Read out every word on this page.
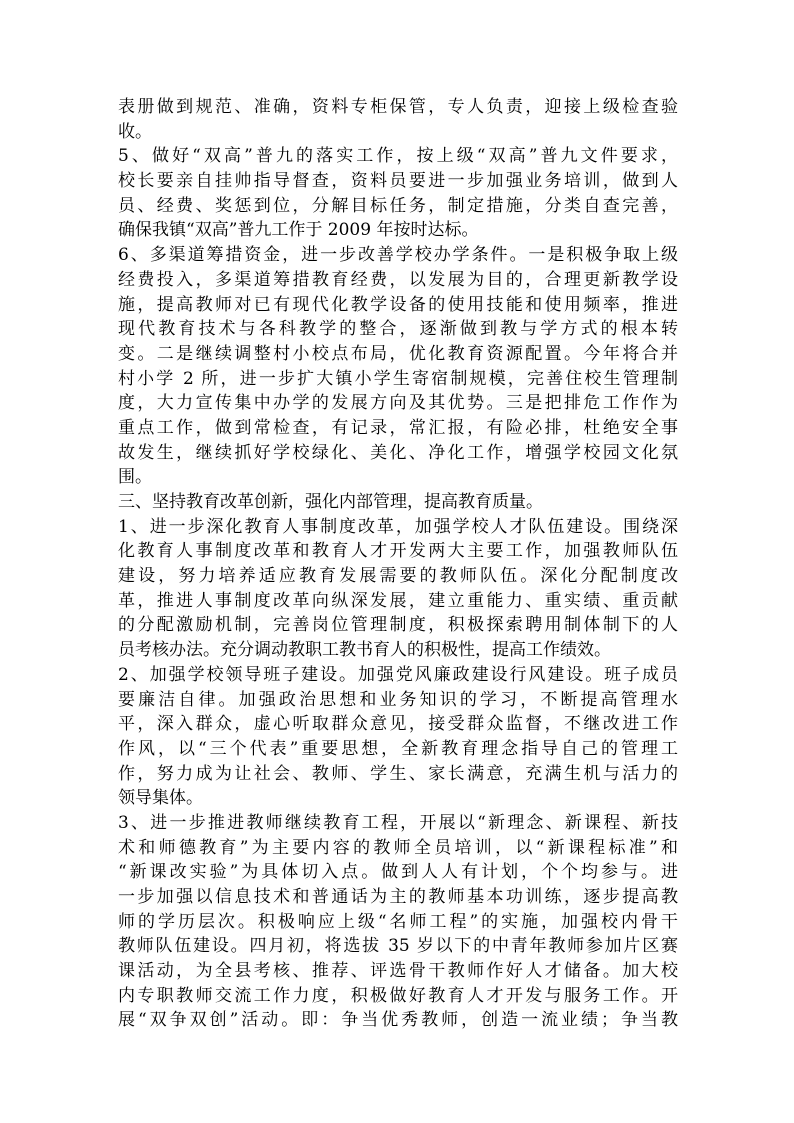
表册做到规范、准确，资料专柜保管，专人负责，迎接上级检查验
收。
5、做好“双高”普九的落实工作，按上级“双高”普九文件要求，
校长要亲自挂帅指导督查，资料员要进一步加强业务培训，做到人
员、经费、奖惩到位，分解目标任务，制定措施，分类自查完善，
确保我镇“双高”普九工作于 2009 年按时达标。
6、多渠道筹措资金，进一步改善学校办学条件。一是积极争取上级
经费投入，多渠道筹措教育经费，以发展为目的，合理更新教学设
施，提高教师对已有现代化教学设备的使用技能和使用频率，推进
现代教育技术与各科教学的整合，逐渐做到教与学方式的根本转
变。二是继续调整村小校点布局，优化教育资源配置。今年将合并
村小学 2 所，进一步扩大镇小学生寄宿制规模，完善住校生管理制
度，大力宣传集中办学的发展方向及其优势。三是把排危工作作为
重点工作，做到常检查，有记录，常汇报，有险必排，杜绝安全事
故发生，继续抓好学校绿化、美化、净化工作，增强学校园文化氛
围。
三、坚持教育改革创新，强化内部管理，提高教育质量。
1、进一步深化教育人事制度改革，加强学校人才队伍建设。围绕深
化教育人事制度改革和教育人才开发两大主要工作，加强教师队伍
建设，努力培养适应教育发展需要的教师队伍。深化分配制度改
革，推进人事制度改革向纵深发展，建立重能力、重实绩、重贡献
的分配激励机制，完善岗位管理制度，积极探索聘用制体制下的人
员考核办法。充分调动教职工教书育人的积极性，提高工作绩效。
2、加强学校领导班子建设。加强党风廉政建设行风建设。班子成员
要廉洁自律。加强政治思想和业务知识的学习，不断提高管理水
平，深入群众，虚心听取群众意见，接受群众监督，不继改进工作
作风，以“三个代表”重要思想，全新教育理念指导自己的管理工
作，努力成为让社会、教师、学生、家长满意，充满生机与活力的
领导集体。
3、进一步推进教师继续教育工程，开展以“新理念、新课程、新技
术和师德教育”为主要内容的教师全员培训，以“新课程标准”和
“新课改实验”为具体切入点。做到人人有计划，个个均参与。进
一步加强以信息技术和普通话为主的教师基本功训练，逐步提高教
师的学历层次。积极响应上级“名师工程”的实施，加强校内骨干
教师队伍建设。四月初，将选拔 35 岁以下的中青年教师参加片区赛
课活动，为全县考核、推荐、评选骨干教师作好人才储备。加大校
内专职教师交流工作力度，积极做好教育人才开发与服务工作。开
展“双争双创”活动。即：争当优秀教师，创造一流业绩；争当教
